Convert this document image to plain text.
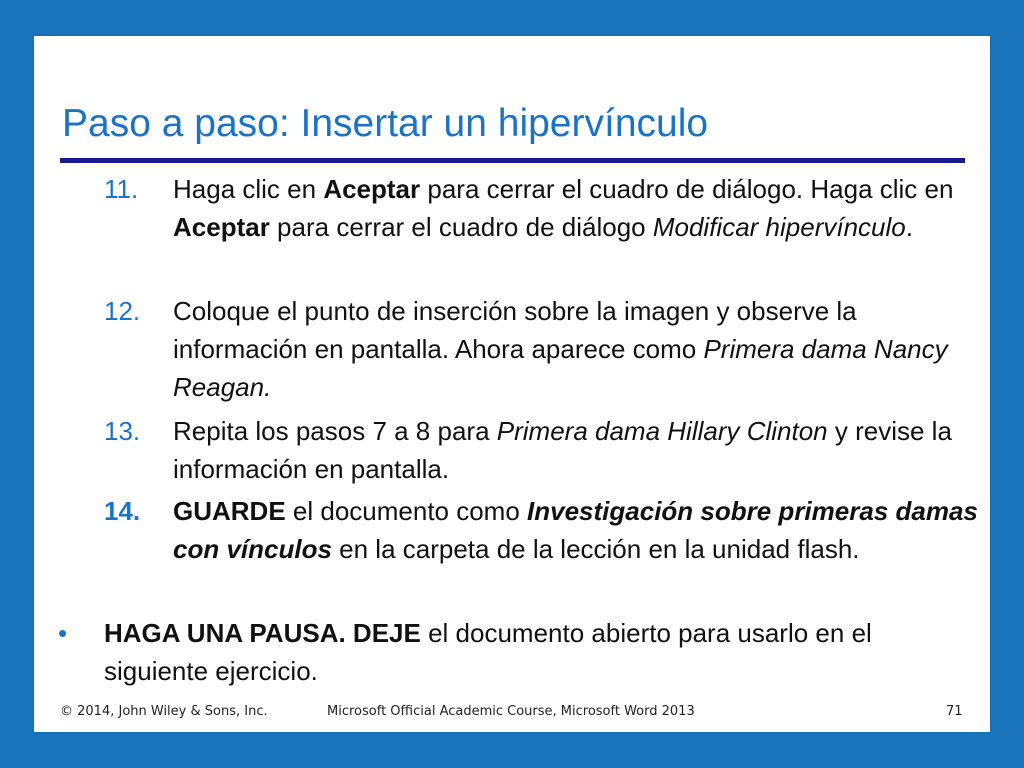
Paso a paso: Insertar un hipervínculo
11.	Haga clic en Aceptar para cerrar el cuadro de diálogo. Haga clic en Aceptar para cerrar el cuadro de diálogo Modificar hipervínculo.
12.	Coloque el punto de inserción sobre la imagen y observe la información en pantalla. Ahora aparece como Primera dama Nancy Reagan.
13.	Repita los pasos 7 a 8 para Primera dama Hillary Clinton y revise la información en pantalla.
14.	GUARDE el documento como Investigación sobre primeras damas con vínculos en la carpeta de la lección en la unidad flash.
• HAGA UNA PAUSA. DEJE el documento abierto para usarlo en el siguiente ejercicio.
© 2014, John Wiley & Sons, Inc.	Microsoft Official Academic Course, Microsoft Word 2013	71
